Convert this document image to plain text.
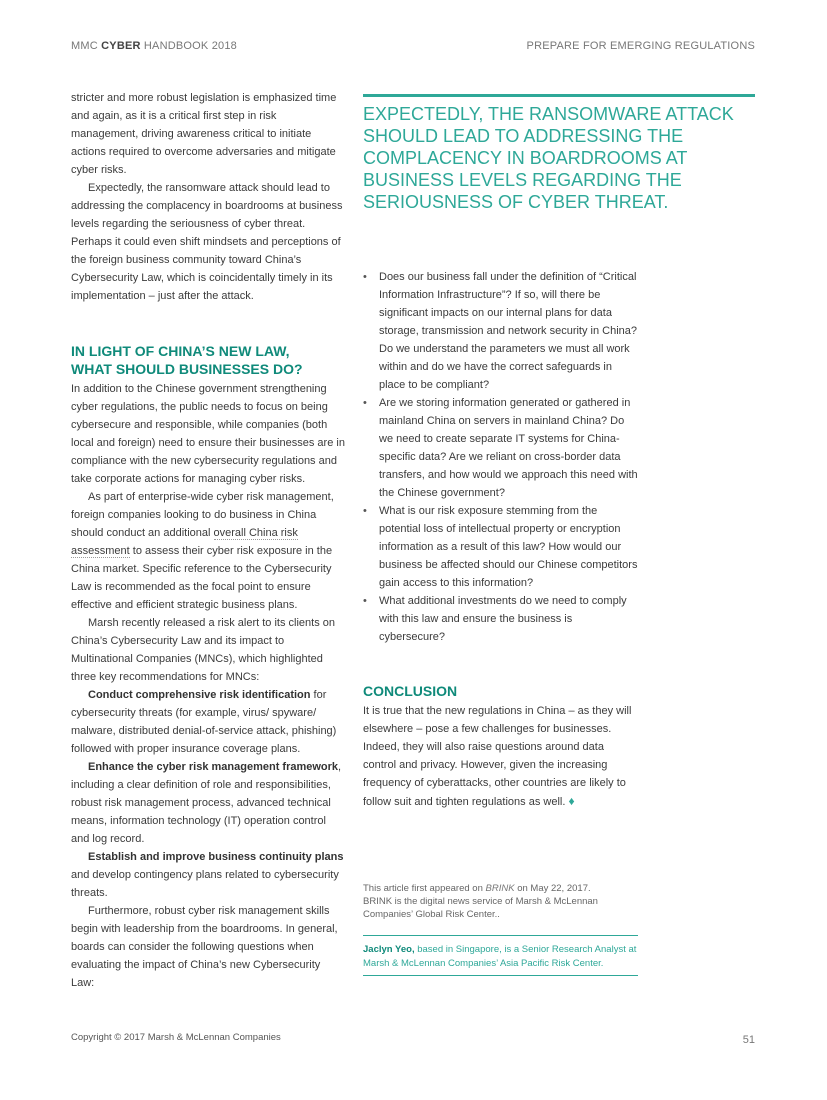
MMC CYBER HANDBOOK 2018	PREPARE FOR EMERGING REGULATIONS

stricter and more robust legislation is emphasized time and again, as it is a critical first step in risk management, driving awareness critical to initiate actions required to overcome adversaries and mitigate cyber risks.

Expectedly, the ransomware attack should lead to addressing the complacency in boardrooms at business levels regarding the seriousness of cyber threat. Perhaps it could even shift mindsets and perceptions of the foreign business community toward China’s Cybersecurity Law, which is coincidentally timely in its implementation – just after the attack.

IN LIGHT OF CHINA’S NEW LAW,
WHAT SHOULD BUSINESSES DO?

In addition to the Chinese government strengthening cyber regulations, the public needs to focus on being cybersecure and responsible, while companies (both local and foreign) need to ensure their businesses are in compliance with the new cybersecurity regulations and take corporate actions for managing cyber risks.

As part of enterprise-wide cyber risk management, foreign companies looking to do business in China should conduct an additional overall China risk assessment to assess their cyber risk exposure in the China market. Specific reference to the Cybersecurity Law is recommended as the focal point to ensure effective and efficient strategic business plans.

Marsh recently released a risk alert to its clients on China’s Cybersecurity Law and its impact to Multinational Companies (MNCs), which highlighted three key recommendations for MNCs:

Conduct comprehensive risk identification for cybersecurity threats (for example, virus/ spyware/ malware, distributed denial-of-service attack, phishing) followed with proper insurance coverage plans.

Enhance the cyber risk management framework, including a clear definition of role and responsibilities, robust risk management process, advanced technical means, information technology (IT) operation control and log record.

Establish and improve business continuity plans and develop contingency plans related to cybersecurity threats.

Furthermore, robust cyber risk management skills begin with leadership from the boardrooms. In general, boards can consider the following questions when evaluating the impact of China’s new Cybersecurity Law:

EXPECTEDLY, THE RANSOMWARE ATTACK SHOULD LEAD TO ADDRESSING THE COMPLACENCY IN BOARDROOMS AT BUSINESS LEVELS REGARDING THE SERIOUSNESS OF CYBER THREAT.
• Does our business fall under the definition of “Critical Information Infrastructure”? If so, will there be significant impacts on our internal plans for data storage, transmission and network security in China? Do we understand the parameters we must all work within and do we have the correct safeguards in place to be compliant?
• Are we storing information generated or gathered in mainland China on servers in mainland China? Do we need to create separate IT systems for China-specific data? Are we reliant on cross-border data transfers, and how would we approach this need with the Chinese government?
• What is our risk exposure stemming from the potential loss of intellectual property or encryption information as a result of this law? How would our business be affected should our Chinese competitors gain access to this information?
• What additional investments do we need to comply with this law and ensure the business is cybersecure?
CONCLUSION

It is true that the new regulations in China – as they will elsewhere – pose a few challenges for businesses. Indeed, they will also raise questions around data control and privacy. However, given the increasing frequency of cyberattacks, other countries are likely to follow suit and tighten regulations as well. ♦

This article first appeared on BRINK on May 22, 2017.
BRINK is the digital news service of Marsh & McLennan Companies’ Global Risk Center..
Jaclyn Yeo, based in Singapore, is a Senior Research Analyst at Marsh & McLennan Companies’ Asia Pacific Risk Center.
Copyright © 2017 Marsh & McLennan Companies	51
